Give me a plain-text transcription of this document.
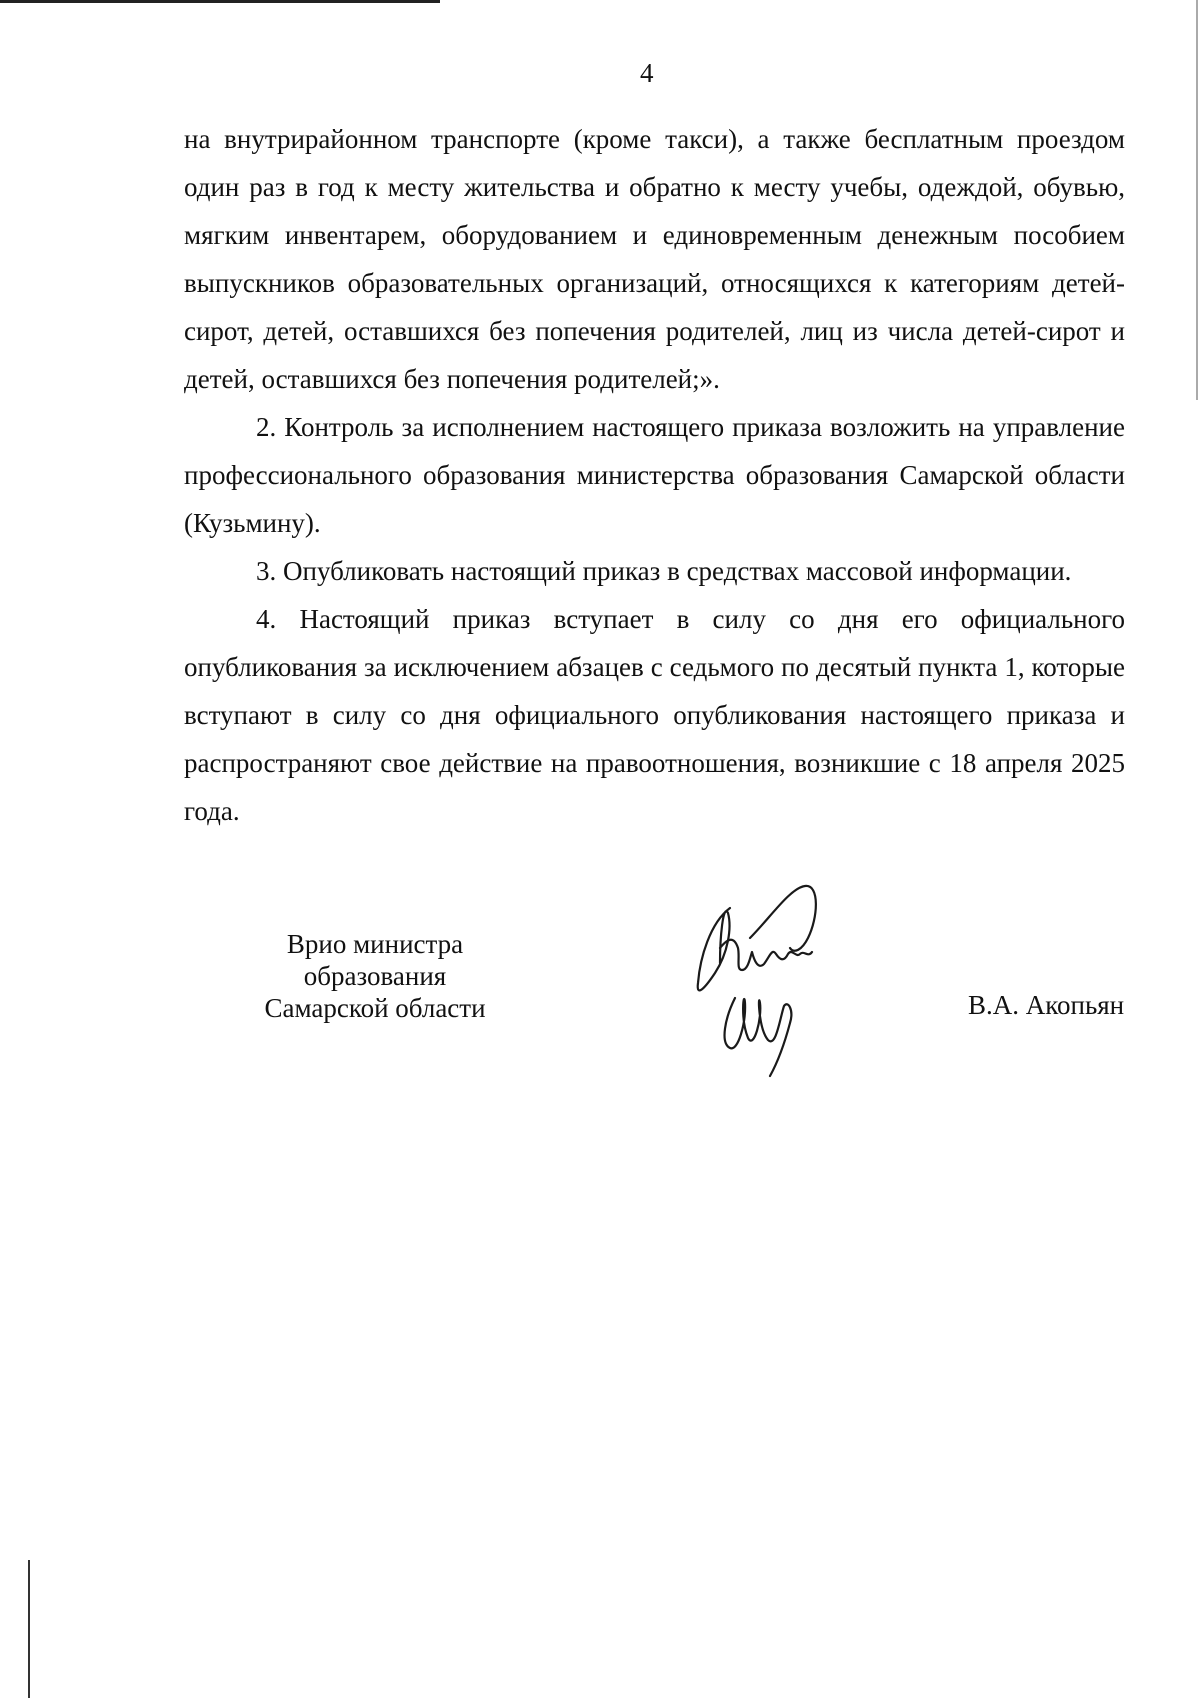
4

на внутрирайонном транспорте (кроме такси), а также бесплатным проездом один раз в год к месту жительства и обратно к месту учебы, одеждой, обувью, мягким инвентарем, оборудованием и единовременным денежным пособием выпускников образовательных организаций, относящихся к категориям детей-сирот, детей, оставшихся без попечения родителей, лиц из числа детей-сирот и детей, оставшихся без попечения родителей;».

2. Контроль за исполнением настоящего приказа возложить на управление профессионального образования министерства образования Самарской области (Кузьмину).

3. Опубликовать настоящий приказ в средствах массовой информации.

4. Настоящий приказ вступает в силу со дня его официального опубликования за исключением абзацев с седьмого по десятый пункта 1, которые вступают в силу со дня официального опубликования настоящего приказа и распространяют свое действие на правоотношения, возникшие с 18 апреля 2025 года.

Врио министра
образования
Самарской области	В.А. Акопьян
